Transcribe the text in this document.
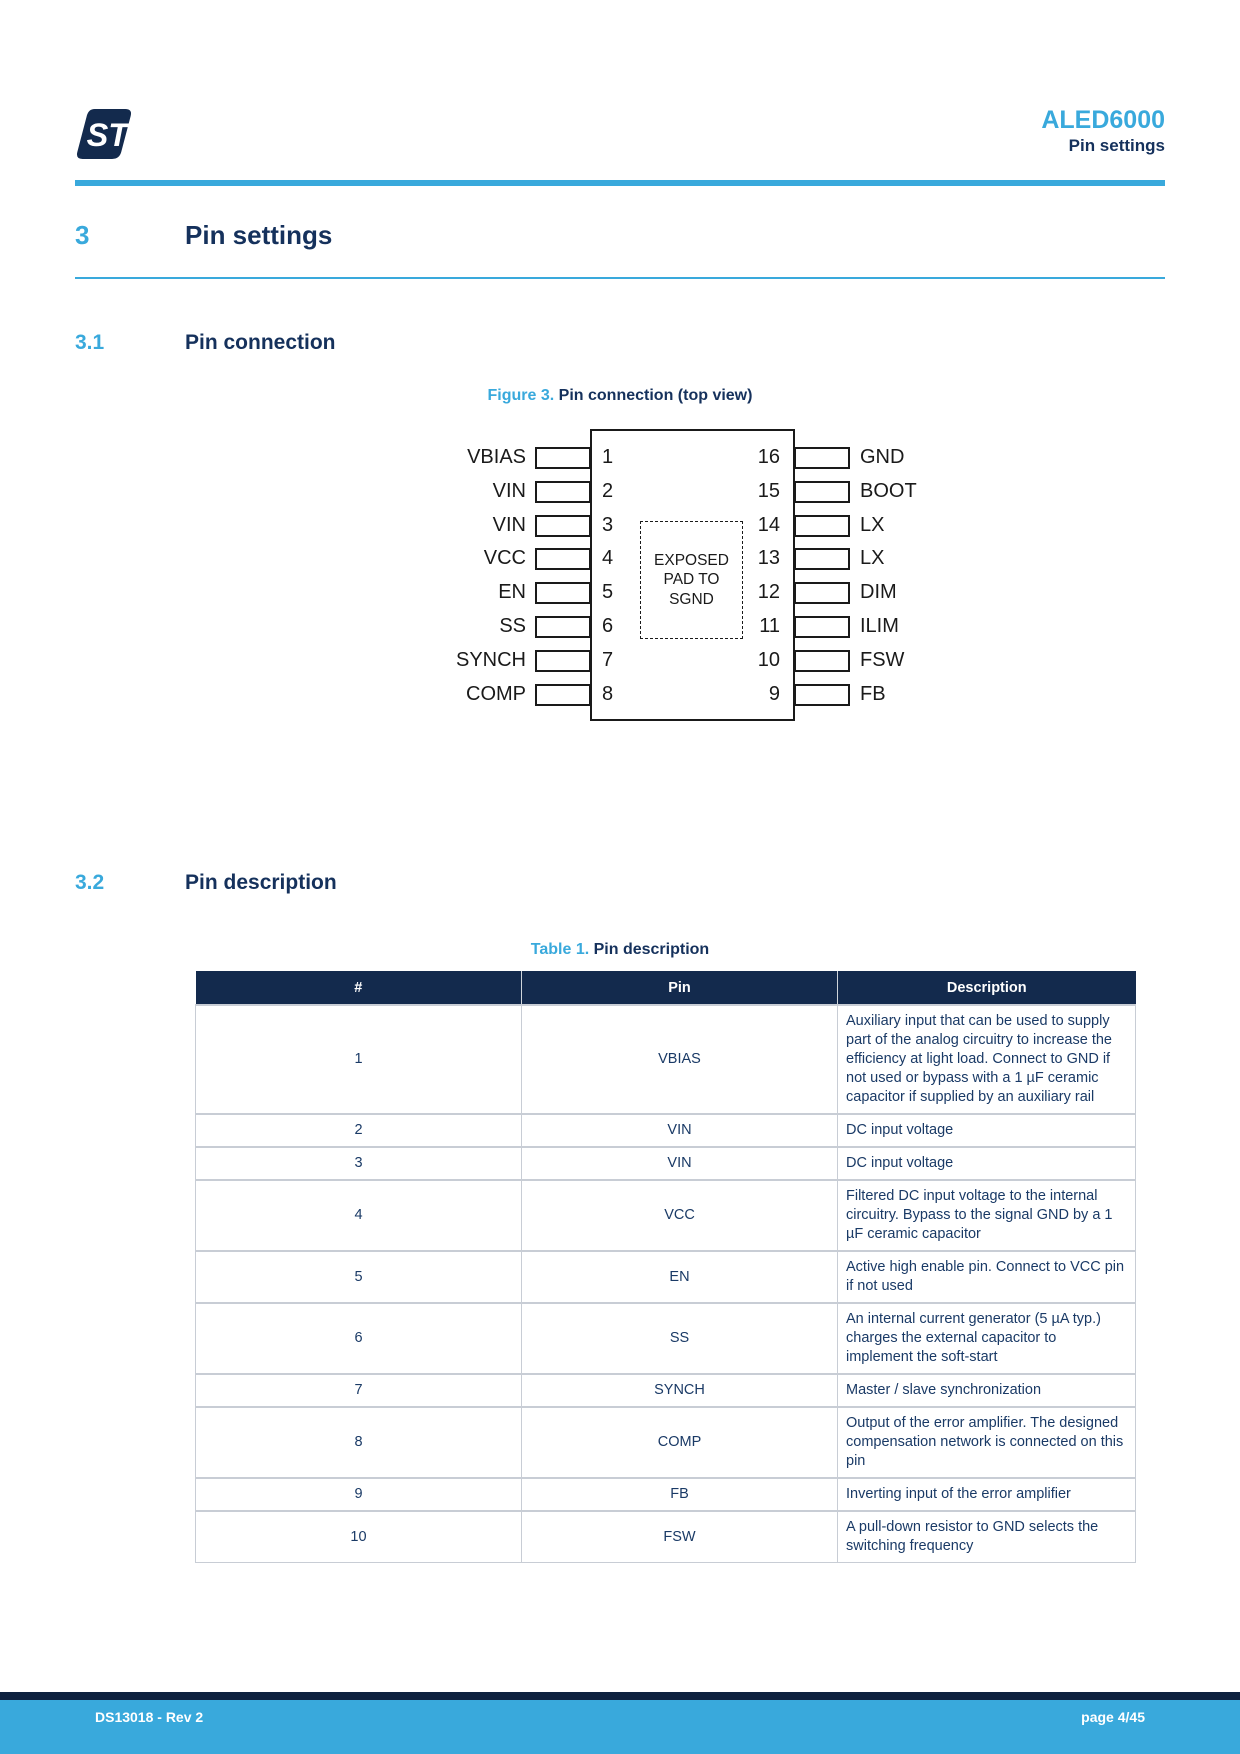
ST	ALED6000
Pin settings
3	Pin settings
3.1	Pin connection
Figure 3. Pin connection (top view)
EXPOSED
PAD TO
SGND
VBIAS	1
VIN	2
VIN	3
VCC	4
EN	5
SS	6
SYNCH	7
COMP	8
16	GND
15	BOOT
14	LX
13	LX
12	DIM
11	ILIM
10	FSW
9	FB
3.2	Pin description
Table 1. Pin description
#	Pin	Description
1	VBIAS	Auxiliary input that can be used to supply part of the analog circuitry to increase the efficiency at light load. Connect to GND if not used or bypass with a 1 µF ceramic capacitor if supplied by an auxiliary rail
2	VIN	DC input voltage
3	VIN	DC input voltage
4	VCC	Filtered DC input voltage to the internal circuitry. Bypass to the signal GND by a 1 µF ceramic capacitor
5	EN	Active high enable pin. Connect to VCC pin if not used
6	SS	An internal current generator (5 µA typ.) charges the external capacitor to implement the soft-start
7	SYNCH	Master / slave synchronization
8	COMP	Output of the error amplifier. The designed compensation network is connected on this pin
9	FB	Inverting input of the error amplifier
10	FSW	A pull-down resistor to GND selects the switching frequency
DS13018 - Rev 2	page 4/45
